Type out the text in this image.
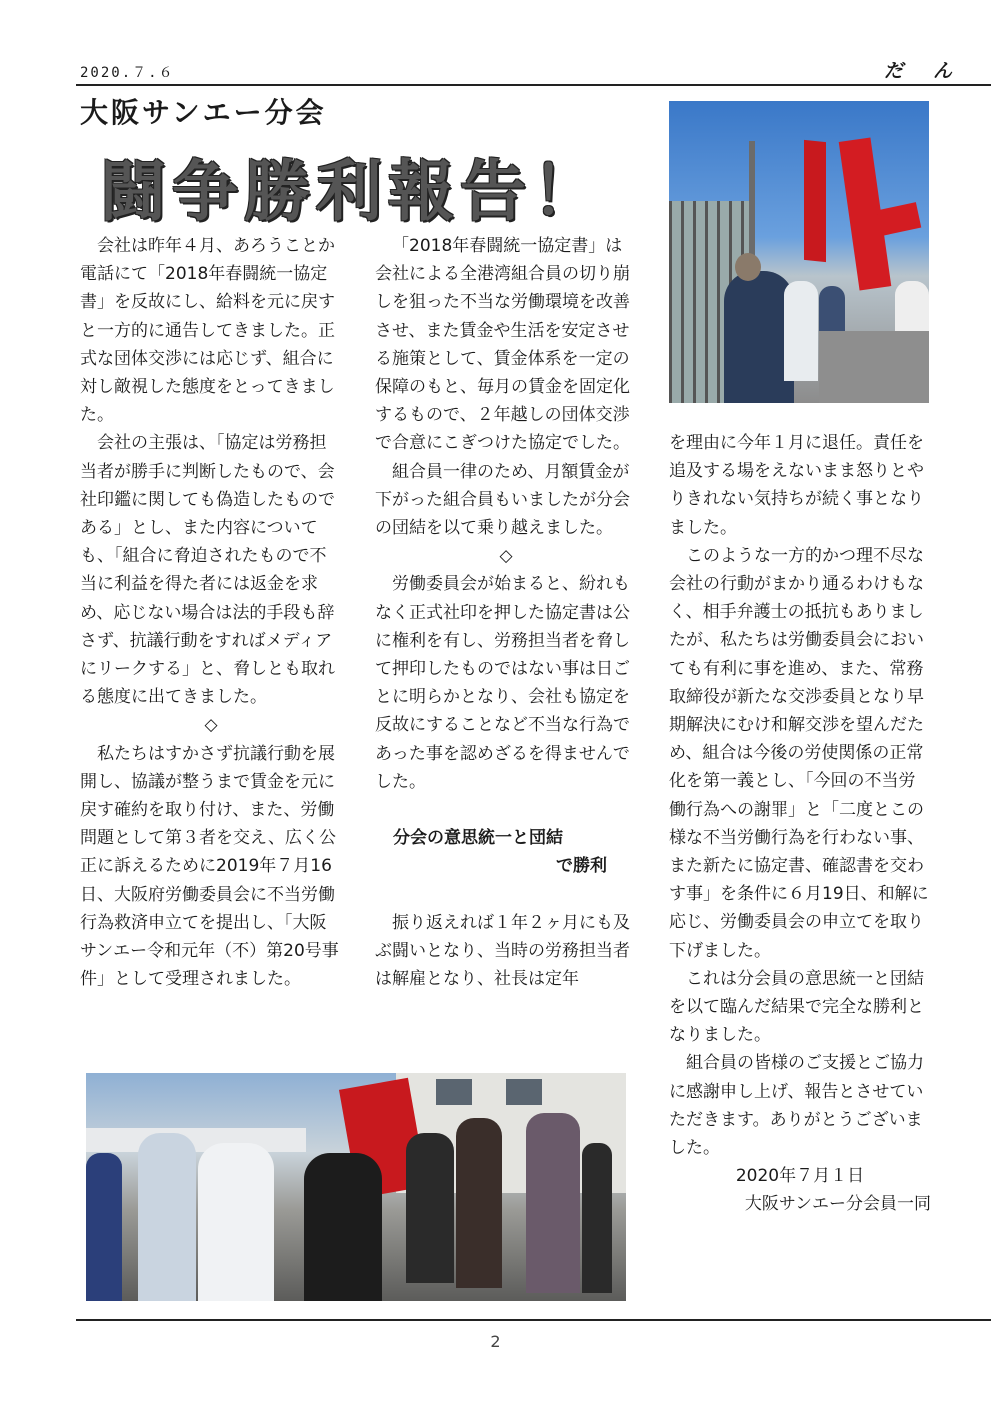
2020.７.６	だん
大阪サンエー分会
闘争勝利報告！

会社は昨年４月、あろうことか電話にて「2018年春闘統一協定書」を反故にし、給料を元に戻すと一方的に通告してきました。正式な団体交渉には応じず、組合に対し敵視した態度をとってきました。

会社の主張は、「協定は労務担当者が勝手に判断したもので、会社印鑑に関しても偽造したものである」とし、また内容についても、「組合に脅迫されたもので不当に利益を得た者には返金を求め、応じない場合は法的手段も辞さず、抗議行動をすればメディアにリークする」と、脅しとも取れる態度に出てきました。

◇

私たちはすかさず抗議行動を展開し、協議が整うまで賃金を元に戻す確約を取り付け、また、労働問題として第３者を交え、広く公正に訴えるために2019年７月16日、大阪府労働委員会に不当労働行為救済申立てを提出し、「大阪サンエー令和元年（不）第20号事件」として受理されました。

「2018年春闘統一協定書」は会社による全港湾組合員の切り崩しを狙った不当な労働環境を改善させ、また賃金や生活を安定させる施策として、賃金体系を一定の保障のもと、毎月の賃金を固定化するもので、２年越しの団体交渉で合意にこぎつけた協定でした。

組合員一律のため、月額賃金が下がった組合員もいましたが分会の団結を以て乗り越えました。

◇

労働委員会が始まると、紛れもなく正式社印を押した協定書は公に権利を有し、労務担当者を脅して押印したものではない事は日ごとに明らかとなり、会社も協定を反故にすることなど不当な行為であった事を認めざるを得ませんでした。

分会の意思統一と団結

で勝利

振り返えれば１年２ヶ月にも及ぶ闘いとなり、当時の労務担当者は解雇となり、社長は定年

を理由に今年１月に退任。責任を追及する場をえないまま怒りとやりきれない気持ちが続く事となりました。

このような一方的かつ理不尽な会社の行動がまかり通るわけもなく、相手弁護士の抵抗もありましたが、私たちは労働委員会においても有利に事を進め、また、常務取締役が新たな交渉委員となり早期解決にむけ和解交渉を望んだため、組合は今後の労使関係の正常化を第一義とし、「今回の不当労働行為への謝罪」と「二度とこの様な不当労働行為を行わない事、また新たに協定書、確認書を交わす事」を条件に６月19日、和解に応じ、労働委員会の申立てを取り下げました。

これは分会員の意思統一と団結を以て臨んだ結果で完全な勝利となりました。

組合員の皆様のご支援とご協力に感謝申し上げ、報告とさせていただきます。ありがとうございました。

2020年７月１日

大阪サンエー分会員一同

2
